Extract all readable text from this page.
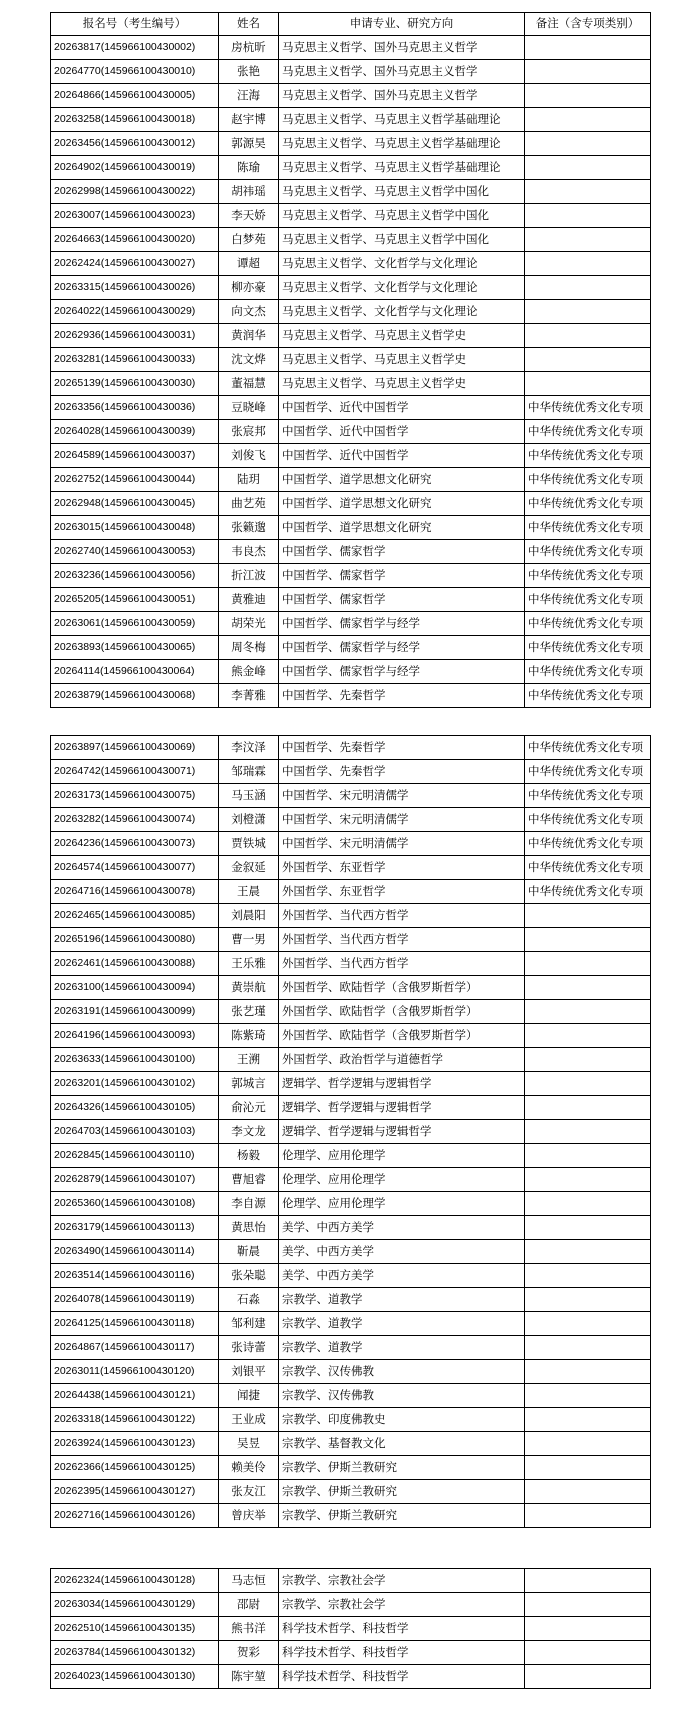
报名号（考生编号）	姓名	申请专业、研究方向	备注（含专项类别）
20263817(145966100430002)	房杭昕	马克思主义哲学、国外马克思主义哲学	
20264770(145966100430010)	张艳	马克思主义哲学、国外马克思主义哲学	
20264866(145966100430005)	汪海	马克思主义哲学、国外马克思主义哲学	
20263258(145966100430018)	赵宇博	马克思主义哲学、马克思主义哲学基础理论	
20263456(145966100430012)	郭源昊	马克思主义哲学、马克思主义哲学基础理论	
20264902(145966100430019)	陈瑜	马克思主义哲学、马克思主义哲学基础理论	
20262998(145966100430022)	胡祎瑶	马克思主义哲学、马克思主义哲学中国化	
20263007(145966100430023)	李天娇	马克思主义哲学、马克思主义哲学中国化	
20264663(145966100430020)	白梦苑	马克思主义哲学、马克思主义哲学中国化	
20262424(145966100430027)	谭超	马克思主义哲学、文化哲学与文化理论	
20263315(145966100430026)	柳亦豪	马克思主义哲学、文化哲学与文化理论	
20264022(145966100430029)	向文杰	马克思主义哲学、文化哲学与文化理论	
20262936(145966100430031)	黄润华	马克思主义哲学、马克思主义哲学史	
20263281(145966100430033)	沈文烨	马克思主义哲学、马克思主义哲学史	
20265139(145966100430030)	董福慧	马克思主义哲学、马克思主义哲学史	
20263356(145966100430036)	豆晓峰	中国哲学、近代中国哲学	中华传统优秀文化专项
20264028(145966100430039)	张宸邦	中国哲学、近代中国哲学	中华传统优秀文化专项
20264589(145966100430037)	刘俊飞	中国哲学、近代中国哲学	中华传统优秀文化专项
20262752(145966100430044)	陆玥	中国哲学、道学思想文化研究	中华传统优秀文化专项
20262948(145966100430045)	曲艺苑	中国哲学、道学思想文化研究	中华传统优秀文化专项
20263015(145966100430048)	张籁邈	中国哲学、道学思想文化研究	中华传统优秀文化专项
20262740(145966100430053)	韦良杰	中国哲学、儒家哲学	中华传统优秀文化专项
20263236(145966100430056)	折江波	中国哲学、儒家哲学	中华传统优秀文化专项
20265205(145966100430051)	黄雅迪	中国哲学、儒家哲学	中华传统优秀文化专项
20263061(145966100430059)	胡荣光	中国哲学、儒家哲学与经学	中华传统优秀文化专项
20263893(145966100430065)	周冬梅	中国哲学、儒家哲学与经学	中华传统优秀文化专项
20264114(145966100430064)	熊金峰	中国哲学、儒家哲学与经学	中华传统优秀文化专项
20263879(145966100430068)	李菁雅	中国哲学、先秦哲学	中华传统优秀文化专项
20263897(145966100430069)	李汶泽	中国哲学、先秦哲学	中华传统优秀文化专项
20264742(145966100430071)	邹瑞霖	中国哲学、先秦哲学	中华传统优秀文化专项
20263173(145966100430075)	马玉涵	中国哲学、宋元明清儒学	中华传统优秀文化专项
20263282(145966100430074)	刘橙潇	中国哲学、宋元明清儒学	中华传统优秀文化专项
20264236(145966100430073)	贾铁城	中国哲学、宋元明清儒学	中华传统优秀文化专项
20264574(145966100430077)	金叙延	外国哲学、东亚哲学	中华传统优秀文化专项
20264716(145966100430078)	王晨	外国哲学、东亚哲学	中华传统优秀文化专项
20262465(145966100430085)	刘晨阳	外国哲学、当代西方哲学	
20265196(145966100430080)	曹一男	外国哲学、当代西方哲学	
20262461(145966100430088)	王乐雅	外国哲学、当代西方哲学	
20263100(145966100430094)	黄崇航	外国哲学、欧陆哲学（含俄罗斯哲学）	
20263191(145966100430099)	张艺瑾	外国哲学、欧陆哲学（含俄罗斯哲学）	
20264196(145966100430093)	陈紫琦	外国哲学、欧陆哲学（含俄罗斯哲学）	
20263633(145966100430100)	王溯	外国哲学、政治哲学与道德哲学	
20263201(145966100430102)	郭城言	逻辑学、哲学逻辑与逻辑哲学	
20264326(145966100430105)	俞沁元	逻辑学、哲学逻辑与逻辑哲学	
20264703(145966100430103)	李文龙	逻辑学、哲学逻辑与逻辑哲学	
20262845(145966100430110)	杨毅	伦理学、应用伦理学	
20262879(145966100430107)	曹旭睿	伦理学、应用伦理学	
20265360(145966100430108)	李自源	伦理学、应用伦理学	
20263179(145966100430113)	黄思怡	美学、中西方美学	
20263490(145966100430114)	靳晨	美学、中西方美学	
20263514(145966100430116)	张朵聪	美学、中西方美学	
20264078(145966100430119)	石淼	宗教学、道教学	
20264125(145966100430118)	邹利建	宗教学、道教学	
20264867(145966100430117)	张诗蕾	宗教学、道教学	
20263011(145966100430120)	刘银平	宗教学、汉传佛教	
20264438(145966100430121)	闻捷	宗教学、汉传佛教	
20263318(145966100430122)	王业成	宗教学、印度佛教史	
20263924(145966100430123)	吴昱	宗教学、基督教文化	
20262366(145966100430125)	赖美伶	宗教学、伊斯兰教研究	
20262395(145966100430127)	张友江	宗教学、伊斯兰教研究	
20262716(145966100430126)	曾庆举	宗教学、伊斯兰教研究	
20262324(145966100430128)	马志恒	宗教学、宗教社会学	
20263034(145966100430129)	邵尉	宗教学、宗教社会学	
20262510(145966100430135)	熊书洋	科学技术哲学、科技哲学	
20263784(145966100430132)	贺彩	科学技术哲学、科技哲学	
20264023(145966100430130)	陈宇堃	科学技术哲学、科技哲学	
